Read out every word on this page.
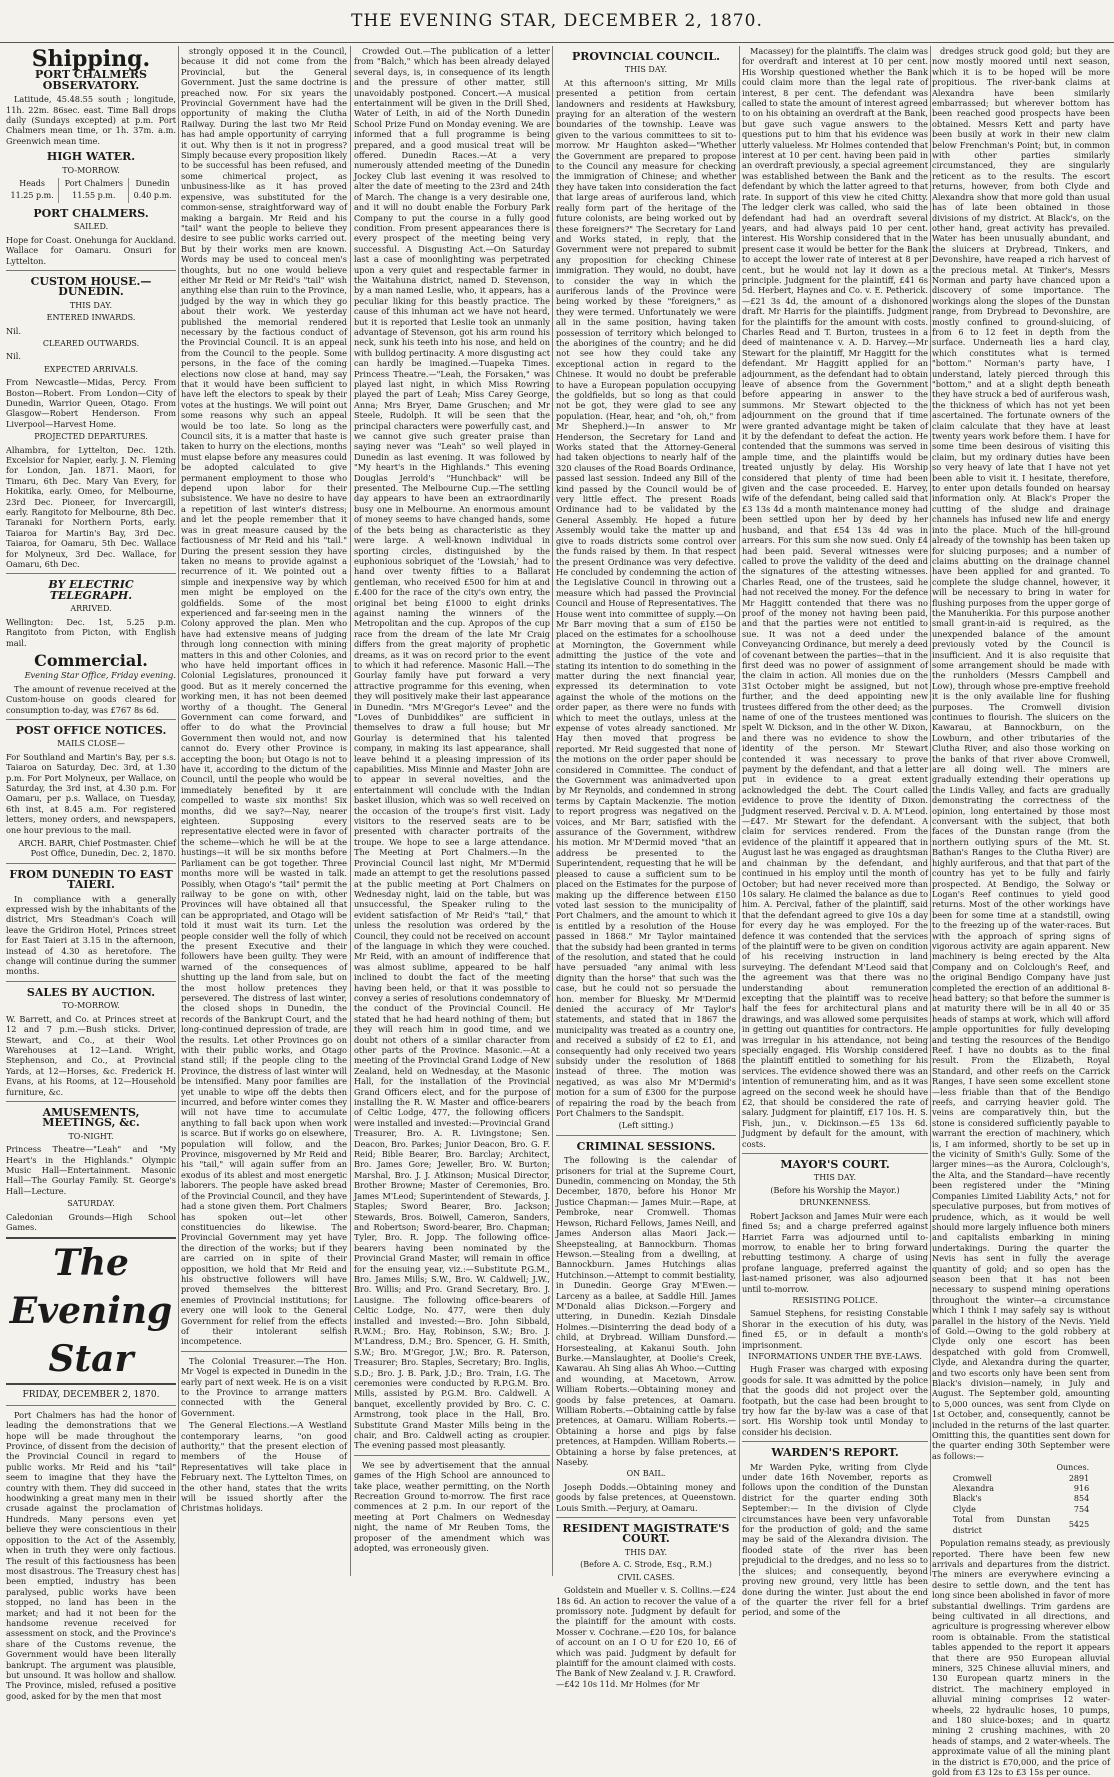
THE EVENING STAR, DECEMBER 2, 1870.
Shipping.
PORT CHALMERS OBSERVATORY.
Latitude, 45.48.55 south ; longitude, 11h. 22m. 86sec. east. Time Ball drops daily (Sundays excepted) at p.m. Port Chalmers mean time, or 1h. 37m. a.m. Greenwich mean time.
HIGH WATER.
TO-MORROW.
Heads	Port Chalmers	Dunedin
11.25 p.m.	11.55 p.m.	0.40 p.m.
PORT CHALMERS.
SAILED.
Hope for Coast. Onehunga for Auckland. Wallace for Oamaru. Onsuri for Lyttelton.
CUSTOM HOUSE.—DUNEDIN.
THIS DAY.
ENTERED INWARDS.
Nil.
CLEARED OUTWARDS.
Nil.
EXPECTED ARRIVALS.
From Newcastle—Midas, Percy. From Boston—Robert. From London—City of Dunedin, Warrior Queen, Otago. From Glasgow—Robert Henderson. From Liverpool—Harvest Home.
PROJECTED DEPARTURES.
Alhambra, for Lyttelton, Dec. 12th. Excelsior for Napier, early. J. N. Fleming for London, Jan. 1871. Maori, for Timaru, 6th Dec. Mary Van Every, for Hokitika, early. Omeo, for Melbourne, 23rd Dec. Pioneer, for Invercargill, early. Rangitoto for Melbourne, 8th Dec. Taranaki for Northern Ports, early. Taiaroa for Martin's Bay, 3rd Dec. Taiaroa, for Oamaru, 5th Dec. Wallace for Molyneux, 3rd Dec. Wallace, for Oamaru, 6th Dec.
BY ELECTRIC TELEGRAPH.
ARRIVED.
Wellington: Dec. 1st, 5.25 p.m. Rangitoto from Picton, with English mail.
Commercial.
Evening Star Office, Friday evening.
The amount of revenue received at the Custom-house on goods cleared for consumption to-day, was £767 8s 6d.
POST OFFICE NOTICES.
MAILS CLOSE—
For Southland and Martin's Bay, per s.s. Taiaroa on Saturday, Dec. 3rd, at 1.30 p.m. For Port Molyneux, per Wallace, on Saturday, the 3rd inst, at 4.30 p.m. For Oamaru, per p.s. Wallace, on Tuesday, 6th inst, at 8.45 a.m. For registered letters, money orders, and newspapers, one hour previous to the mail.
ARCH. BARR, Chief Postmaster. Chief Post Office, Dunedin, Dec. 2, 1870.
FROM DUNEDIN TO EAST TAIERI.
In compliance with a generally expressed wish by the inhabitants of the district, Mrs Steadman's Coach will leave the Gridiron Hotel, Princes street for East Taieri at 3.15 in the afternoon, instead of 4.30 as heretofore. The change will continue during the summer months.
SALES BY AUCTION.
TO-MORROW.
W. Barrett, and Co. at Princes street at 12 and 7 p.m.—Bush sticks. Driver, Stewart, and Co., at their Wool Warehouses at 12—Land. Wright, Stephenson, and Co., at Provincial Yards, at 12—Horses, &c. Frederick H. Evans, at his Rooms, at 12—Household furniture, &c.
AMUSEMENTS, MEETINGS, &c.
TO-NIGHT.
Princess Theatre—"Leah" and "My Heart's in the Highlands." Olympic Music Hall—Entertainment. Masonic Hall—The Gourlay Family. St. George's Hall—Lecture.
SATURDAY.
Caledonian Grounds—High School Games.
The Evening Star
FRIDAY, DECEMBER 2, 1870.
Port Chalmers has had the honor of leading the demonstrations that we hope will be made throughout the Province, of dissent from the decision of the Provincial Council in regard to public works. Mr Reid and his "tail" seem to imagine that they have the country with them. They did succeed in hoodwinking a great many men in their crusade against the proclamation of Hundreds. Many persons even yet believe they were conscientious in their opposition to the Act of the Assembly, when in truth they were only factious. The result of this factiousness has been most disastrous. The Treasury chest has been emptied, industry has been paralysed, public works have been stopped, no land has been in the market; and had it not been for the handsome revenue received for assessment on stock, and the Province's share of the Customs revenue, the Government would have been literally bankrupt. The argument was plausible, but unsound. It was hollow and shallow. The Province, misled, refused a positive good, asked for by the men that most
strongly opposed it in the Council, because it did not come from the Provincial, but the General Government. Just the same doctrine is preached now. For six years the Provincial Government have had the opportunity of making the Clutha Railway. During the last two Mr Reid has had ample opportunity of carrying it out. Why then is it not in progress? Simply because every proposition likely to be successful has been refused, and some chimerical project, as unbusiness-like as it has proved expensive, was substituted for the common-sense, straightforward way of making a bargain. Mr Reid and his "tail" want the people to believe they desire to see public works carried out. But by their works men are known. Words may be used to conceal men's thoughts, but no one would believe either Mr Reid or Mr Reid's "tail" wish anything else than ruin to the Province, judged by the way in which they go about their work. We yesterday published the memorial rendered necessary by the factious conduct of the Provincial Council. It is an appeal from the Council to the people. Some persons, in the face of the coming elections now close at hand, may say that it would have been sufficient to have left the electors to speak by their votes at the hustings. We will point out some reasons why such an appeal would be too late. So long as the Council sits, it is a matter that haste is taken to hurry on the elections, months must elapse before any measures could be adopted calculated to give permanent employment to those who depend upon labor for their subsistence. We have no desire to have a repetition of last winter's distress; and let the people remember that it was in great measure caused by the factiousness of Mr Reid and his "tail." During the present session they have taken no means to provide against a recurrence of it. We pointed out a simple and inexpensive way by which men might be employed on the goldfields. Some of the most experienced and far-seeing men in the Colony approved the plan. Men who have had extensive means of judging through long connection with mining matters in this and other Colonies, and who have held important offices in Colonial Legislatures, pronounced it good. But as it merely concerned the working men, it has not been deemed worthy of a thought. The General Government can come forward, and offer to do what the Provincial Government then would not, and now cannot do. Every other Province is accepting the boon; but Otago is not to have it, according to the dictum of the Council, until the people who would be immediately benefited by it are compelled to waste six months! Six months, did we say?—Nay, nearer eighteen. Supposing every representative elected were in favor of the scheme—which he will be at the hustings—it will be six months before Parliament can be got together. Three months more will be wasted in talk. Possibly, when Otago's "tail" permit the railway to be gone on with, other Provinces will have obtained all that can be appropriated, and Otago will be told it must wait its turn. Let the people consider well the folly of which the present Executive and their followers have been guilty. They were warned of the consequences of shutting up the land from sale, but on the most hollow pretences they persevered. The distress of last winter, the closed shops in Dunedin, the records of the Bankrupt Court, and the long-continued depression of trade, are the results. Let other Provinces go on with their public works, and Otago stand still; if the people cling to the Province, the distress of last winter will be intensified. Many poor families are yet unable to wipe off the debts then incurred, and before winter comes they will not have time to accumulate anything to fall back upon when work is scarce. But if works go on elsewhere, population will follow, and the Province, misgoverned by Mr Reid and his "tail," will again suffer from an exodus of its ablest and most energetic laborers. The people have asked bread of the Provincial Council, and they have had a stone given them. Port Chalmers has spoken out—let other constituencies do likewise. The Provincial Government may yet have the direction of the works; but if they are carried on in spite of their opposition, we hold that Mr Reid and his obstructive followers will have proved themselves the bitterest enemies of Provincial institutions; for every one will look to the General Government for relief from the effects of their intolerant selfish incompetence.
The Colonial Treasurer.—The Hon. Mr Vogel is expected in Dunedin in the early part of next week. He is on a visit to the Province to arrange matters connected with the General Government.
The General Elections.—A Westland contemporary learns, "on good authority," that the present election of members of the House of Representatives will take place in February next. The Lyttelton Times, on the other hand, states that the writs will be issued shortly after the Christmas holidays.
Crowded Out.—The publication of a letter from "Balch," which has been already delayed several days, is, in consequence of its length and the pressure of other matter, still unavoidably postponed. Concert.—A musical entertainment will be given in the Drill Shed, Water of Leith, in aid of the North Dunedin School Prize Fund on Monday evening. We are informed that a full programme is being prepared, and a good musical treat will be offered. Dunedin Races.—At a very numerously attended meeting of the Dunedin Jockey Club last evening it was resolved to alter the date of meeting to the 23rd and 24th of March. The change is a very desirable one, and it will no doubt enable the Forbury Park Company to put the course in a fully good condition. From present appearances there is every prospect of the meeting being very successful. A Disgusting Act.—On Saturday last a case of moonlighting was perpetrated upon a very quiet and respectable farmer in the Waitahuna district, named D. Stevenson, by a man named Leslie, who, it appears, has a peculiar liking for this beastly practice. The cause of this inhuman act we have not heard, but it is reported that Leslie took an unmanly advantage of Stevenson, got his arm round his neck, sunk his teeth into his nose, and held on with bulldog pertinacity. A more disgusting act can hardly be imagined.—Tuapeka Times. Princess Theatre.—"Leah, the Forsaken," was played last night, in which Miss Rowring played the part of Leah; Miss Carey George, Anna; Mrs Bryer, Dame Gruschen; and Mr Steele, Rudolph. It will be seen that the principal characters were powerfully cast, and we cannot give such greater praise than saying never was "Leah" so well played in Dunedin as last evening. It was followed by "My heart's in the Highlands." This evening Douglas Jerrold's "Hunchback" will be presented. The Melbourne Cup.—The settling day appears to have been an extraordinarily busy one in Melbourne. An enormous amount of money seems to have changed hands, some of the bets being as characteristic as they were large. A well-known individual in sporting circles, distinguished by the euphonious sobriquet of the 'Lowsiah,' had to hand over twenty fifties to a Ballarat gentleman, who received £500 for him at and £.400 for the race of the city's own entry, the original bet being £1000 to eight drinks against naming the winners of the Metropolitan and the cup. Apropos of the cup race from the dream of the late Mr Craig differs from the great majority of prophetic dreams, as it was on record prior to the event to which it had reference. Masonic Hall.—The Gourlay family have put forward a very attractive programme for this evening, when they will positively make their last appearance in Dunedin. "Mrs M'Gregor's Levee" and the "Loves of Dunbiddikes" are sufficient in themselves to draw a full house; but Mr Gourlay is determined that his talented company, in making its last appearance, shall leave behind it a pleasing impression of its capabilities. Miss Minnie and Master John are to appear in several novelties, and the entertainment will conclude with the Indian basket illusion, which was so well received on the occasion of the troupe's first visit. Lady visitors to the reserved seats are to be presented with character portraits of the troupe. We hope to see a large attendance. The Meeting at Port Chalmers.—In the Provincial Council last night, Mr M'Dermid made an attempt to get the resolutions passed at the public meeting at Port Chalmers on Wednesday night, laid on the table, but was unsuccessful, the Speaker ruling to the evident satisfaction of Mr Reid's "tail," that unless the resolution was ordered by the Council, they could not be received on account of the language in which they were couched. Mr Reid, with an amount of indifference that was almost sublime, appeared to be half inclined to doubt the fact of the meeting having been held, or that it was possible to convey a series of resolutions condemnatory of the conduct of the Provincial Council. He stated that he had heard nothing of them; but they will reach him in good time, and we doubt not others of a similar character from other parts of the Province. Masonic.—At a meeting of the Provincial Grand Lodge of New Zealand, held on Wednesday, at the Masonic Hall, for the installation of the Provincial Grand Officers elect, and for the purpose of installing the R. W. Master and office-bearers of Celtic Lodge, 477, the following officers were installed and invested:—Provincial Grand Treasurer, Bro. A. R. Livingstone; Sen. Deacon, Bro. Parkes; Junior Deacon, Bro. G. F. Reid; Bible Bearer, Bro. Barclay; Architect, Bro. James Gore; Jeweller, Bro. W. Burton; Marshal, Bro. J. J. Atkinson; Musical Director, Brother Browne; Master of Ceremonies, Bro. James M'Leod; Superintendent of Stewards, J. Staples; Sword Bearer, Bro. Jackson; Stewards, Bros. Boiwell, Cameron, Sanders, and Robertson; Sword-bearer, Bro. Chapman; Tyler, Bro. R. Jopp. The following office-bearers having been nominated by the Provincial Grand Master, will remain in office for the ensuing year, viz.:—Substitute P.G.M., Bro. James Mills; S.W., Bro. W. Caldwell; J.W., Bro. Willis; and Pro. Grand Secretary, Bro. J. Lausigne. The following office-bearers of Celtic Lodge, No. 477, were then duly installed and invested:—Bro. John Sibbald, R.W.M.; Bro. Hay, Robinson, S.W.; Bro. J. M'Landress, D.M.; Bro. Spencer, G. H. Smith, S.W.; Bro. M'Gregor, J.W.; Bro. R. Paterson, Treasurer; Bro. Staples, Secretary; Bro. Inglis, S.D.; Bro. J. B. Park, J.D.; Bro. Train, I.G. The ceremonies were conducted by R.P.G.M. Bro. Mills, assisted by P.G.M. Bro. Caldwell. A banquet, excellently provided by Bro. C. C. Armstrong, took place in the Hall, Bro. Substitute Grand Master Mills being in the chair, and Bro. Caldwell acting as croupier. The evening passed most pleasantly.
We see by advertisement that the annual games of the High School are announced to take place, weather permitting, on the North Recreation Ground to-morrow. The first race commences at 2 p.m. In our report of the meeting at Port Chalmers on Wednesday night, the name of Mr Reuben Toms, the proposer of the amendment which was adopted, was erroneously given.
PROVINCIAL COUNCIL.
THIS DAY.
At this afternoon's sitting, Mr Mills presented a petition from certain landowners and residents at Hawksbury, praying for an alteration of the western boundaries of the township. Leave was given to the various committees to sit to-morrow. Mr Haughton asked—"Whether the Government are prepared to propose to the Council any measure for checking the immigration of Chinese; and whether they have taken into consideration the fact that large areas of auriferous land, which really form part of the heritage of the future colonists, are being worked out by these foreigners?" The Secretary for Land and Works stated, in reply, that the Government were not prepared to submit any proposition for checking Chinese immigration. They would, no doubt, have to consider the way in which the auriferous lands of the Province were being worked by these "foreigners," as they were termed. Unfortunately we were all in the same position, having taken possession of territory which belonged to the aborigines of the country; and he did not see how they could take any exceptional action in regard to the Chinese. It would no doubt be preferable to have a European population occupying the goldfields, but so long as that could not be got, they were glad to see any population. (Hear, hear, and "oh, oh," from Mr Shepherd.)—In answer to Mr Henderson, the Secretary for Land and Works stated that the Attorney-General had taken objections to nearly half of the 320 clauses of the Road Boards Ordinance, passed last session. Indeed any Bill of the kind passed by the Council would be of very little effect. The present Roads Ordinance had to be validated by the General Assembly. He hoped a future Assembly would take the matter up and give to roads districts some control over the funds raised by them. In that respect the present Ordinance was very defective. He concluded by condemning the action of the Legislative Council in throwing out a measure which had passed the Provincial Council and House of Representatives. The House went into committee of supply.—On Mr Barr moving that a sum of £150 be placed on the estimates for a schoolhouse at Mornington, the Government while admitting the justice of the vote and stating its intention to do something in the matter during the next financial year, expressed its determination to vote against the whole of the motions on the order paper, as there were no funds with which to meet the outlays, unless at the expense of votes already sanctioned. Mr Hay then moved that progress be reported. Mr Reid suggested that none of the motions on the order paper should be considered in Committee. The conduct of the Government was animadverted upon by Mr Reynolds, and condemned in strong terms by Captain Mackenzie. The motion to report progress was negatived on the voices, and Mr Barr, satisfied with the assurance of the Government, withdrew his motion. Mr M'Dermid moved "that an address be presented to the Superintendent, requesting that he will be pleased to cause a sufficient sum to be placed on the Estimates for the purpose of making up the difference between £150 voted last session to the municipality of Port Chalmers, and the amount to which it is entitled by a resolution of the House passed in 1868." Mr Taylor maintained that the subsidy had been granted in terms of the resolution, and stated that he could have persuaded "any animal with less dignity than the horse" that such was the case, but he could not so persuade the hon. member for Bluesky. Mr M'Dermid denied the accuracy of Mr Taylor's statements, and stated that in 1867 the municipality was treated as a country one, and received a subsidy of £2 to £1, and consequently had only received two years subsidy under the resolution of 1868 instead of three. The motion was negatived, as was also Mr M'Dermid's motion for a sum of £300 for the purpose of repairing the road by the beach from Port Chalmers to the Sandspit.
(Left sitting.)
CRIMINAL SESSIONS.
The following is the calendar of prisoners for trial at the Supreme Court, Dunedin, commencing on Monday, the 5th December, 1870, before his Honor Mr Justice Chapman:— James Muir.—Rape, at Pembroke, near Cromwell. Thomas Hewson, Richard Fellows, James Neill, and James Anderson alias Maori Jack.—Sheepstealing, at Bannockburn. Thomas Hewson.—Stealing from a dwelling, at Bannockburn. James Hutchings alias Hutchinson.—Attempt to commit bestiality, in Dunedin. George Gray M'Ewen.—Larceny as a bailee, at Saddle Hill. James M'Donald alias Dickson.—Forgery and uttering, in Dunedin. Keziah Dinsdale Holmes.—Disinterring the dead body of a child, at Drybread. William Dunsford.—Horsestealing, at Kakanui South. John Burke.—Manslaughter, at Doolie's Creek, Kawarau. Ah Sing alias Ah Whoo.—Cutting and wounding, at Macetown, Arrow. William Roberts.—Obtaining money and goods by false pretences, at Oamaru. William Roberts.—Obtaining cattle by false pretences, at Oamaru. William Roberts.—Obtaining a horse and pigs by false pretences, at Hampden. William Roberts.—Obtaining a horse by false pretences, at Naseby.
ON BAIL.
Joseph Dodds.—Obtaining money and goods by false pretences, at Queenstown. Louis Smith.—Perjury, at Oamaru.
RESIDENT MAGISTRATE'S COURT.
THIS DAY.
(Before A. C. Strode, Esq., R.M.)
CIVIL CASES.
Goldstein and Mueller v. S. Collins.—£24 18s 6d. An action to recover the value of a promissory note. Judgment by default for the plaintiff for the amount with costs. Mosser v. Cochrane.—£20 10s, for balance of account on an I O U for £20 10, £6 of which was paid. Judgment by default for plaintiff for the amount claimed with costs. The Bank of New Zealand v. J. R. Crawford.—£42 10s 11d. Mr Holmes (for Mr
Macassey) for the plaintiffs. The claim was for overdraft and interest at 10 per cent. His Worship questioned whether the Bank could claim more than the legal rate of interest, 8 per cent. The defendant was called to state the amount of interest agreed to on his obtaining an overdraft at the Bank, but gave such vague answers to the questions put to him that his evidence was utterly valueless. Mr Holmes contended that interest at 10 per cent. having been paid in an overdraft previously, a special agreement was established between the Bank and the defendant by which the latter agreed to that rate. In support of this view he cited Chitty. The ledger clerk was called, who said the defendant had had an overdraft several years, and had always paid 10 per cent. interest. His Worship considered that in the present case it would be better for the Bank to accept the lower rate of interest at 8 per cent., but he would not lay it down as a principle. Judgment for the plaintiff, £41 6s 5d. Herbert, Haynes and Co. v. E. Petherick.—£21 3s 4d, the amount of a dishonored draft. Mr Harris for the plaintiffs. Judgment for the plaintiffs for the amount with costs. Charles Read and T. Burton, trustees in a deed of maintenance v. A. D. Harvey.—Mr Stewart for the plaintiff, Mr Haggitt for the defendant. Mr Haggitt applied for an adjournment, as the defendant had to obtain leave of absence from the Government before appearing in answer to the summons. Mr Stewart objected to the adjournment on the ground that if time were granted advantage might be taken of it by the defendant to defeat the action. He contended that the summons was served in ample time, and the plaintiffs would be treated unjustly by delay. His Worship considered that plenty of time had been given and the case proceeded. E. Harvey, wife of the defendant, being called said that £3 13s 4d a month maintenance money had been settled upon her by deed by her husband, and that £54 13s 4d was in arrears. For this sum she now sued. Only £4 had been paid. Several witnesses were called to prove the validity of the deed and the signatures of the attesting witnesses. Charles Read, one of the trustees, said he had not received the money. For the defence Mr Haggitt contended that there was no proof of the money not having been paid, and that the parties were not entitled to sue. It was not a deed under the Conveyancing Ordinance, but merely a deed of covenant between the parties—that in the first deed was no power of assignment of the claim in action. All monies due on the 31st October might be assigned, but not further, and the deed appointing new trustees differed from the other deed; as the name of one of the trustees mentioned was spelt W. Dickson, and in the other W. Dixon, and there was no evidence to show the identity of the person. Mr Stewart contended it was necessary to prove payment by the defendant, and that a letter put in evidence to a great extent acknowledged the debt. The Court called evidence to prove the identity of Dixon. Judgment reserved. Percival v. D. A. M'Leod.—£47. Mr Stewart for the defendant. A claim for services rendered. From the evidence of the plaintiff it appeared that in August last he was engaged as draughtsman and chainman by the defendant, and continued in his employ until the month of October; but had never received more than 10s salary. He claimed the balance as due to him. A. Percival, father of the plaintiff, said that the defendant agreed to give 10s a day for every day he was employed. For the defence it was contended that the services of the plaintiff were to be given on condition of his receiving instruction in land surveying. The defendant M'Leod said that the agreement was that there was no understanding about remuneration excepting that the plaintiff was to receive half the fees for architectural plans and drawings, and was allowed some perquisites in getting out quantities for contractors. He was irregular in his attendance, not being specially engaged. His Worship considered the plaintiff entitled to something for his services. The evidence showed there was an intention of remunerating him, and as it was agreed on the second week he should have £2, that should be considered the rate of salary. Judgment for plaintiff, £17 10s. H. S. Fish, jun., v. Dickinson.—£5 13s 6d. Judgment by default for the amount, with costs.
MAYOR'S COURT.
THIS DAY.
(Before his Worship the Mayor.)
DRUNKENNESS.
Robert Jackson and James Muir were each fined 5s; and a charge preferred against Harriet Farra was adjourned until to-morrow, to enable her to bring forward rebutting testimony. A charge of using profane language, preferred against the last-named prisoner, was also adjourned until to-morrow.
RESISTING POLICE.
Samuel Stephens, for resisting Constable Shorar in the execution of his duty, was fined £5, or in default a month's imprisonment.
INFORMATIONS UNDER THE BYE-LAWS.
Hugh Fraser was charged with exposing goods for sale. It was admitted by the police that the goods did not project over the footpath, but the case had been brought to try how far the by-law was a case of that sort. His Worship took until Monday to consider his decision.
WARDEN'S REPORT.
Mr Warden Pyke, writing from Clyde under date 16th November, reports as follows upon the condition of the Dunstan district for the quarter ending 30th September:— In the division of Clyde circumstances have been very unfavorable for the production of gold; and the same may be said of the Alexandra division. The flooded state of the river has been prejudicial to the dredges, and no less so to the sluices; and consequently, beyond proving new ground, very little has been done during the winter. Just about the end of the quarter the river fell for a brief period, and some of the
dredges struck good gold; but they are now mostly moored until next season, which it is to be hoped will be more propitious. The river-bank claims at Alexandra have been similarly embarrassed; but wherever bottom has been reached good prospects have been obtained. Messrs Kett and party have been busily at work in their new claim below Frenchman's Point; but, in common with other parties similarly circumstanced, they are singularly reticent as to the results. The escort returns, however, from both Clyde and Alexandra show that more gold than usual has of late been obtained in those divisions of my district. At Black's, on the other hand, great activity has prevailed. Water has been unusually abundant, and the sluicers at Drybread, Tinkers, and Devonshire, have reaped a rich harvest of the precious metal. At Tinker's, Messrs Norman and party have chanced upon a discovery of some importance. The workings along the slopes of the Dunstan range, from Drybread to Devonshire, are mostly confined to ground-sluicing, of from 6 to 12 feet in depth from the surface. Underneath lies a hard clay, which constitutes what is termed "bottom." Norman's party have, I understand, lately pierced through this "bottom," and at a slight depth beneath they have struck a bed of auriferous wash, the thickness of which has not yet been ascertained. The fortunate owners of the claim calculate that they have at least twenty years work before them. I have for some time been desirous of visiting this claim, but my ordinary duties have been so very heavy of late that I have not yet been able to visit it. I hesitate, therefore, to enter upon details founded on hearsay information only. At Black's Proper the cutting of the sludge and drainage channels has infused new life and energy into the place. Much of the hill-ground already of the township has been taken up for sluicing purposes; and a number of claims abutting on the drainage channel have been applied for and granted. To complete the sludge channel, however, it will be necessary to bring in water for flushing purposes from the upper gorge of the Manuherikia. For this purpose another small grant-in-aid is required, as the unexpended balance of the amount previously voted by the Council is insufficient. And it is also requisite that some arrangement should be made with the runholders (Messrs Campbell and Low), through whose pre-emptive freehold it is the only available line for flushing purposes. The Cromwell division continues to flourish. The sluicers on the Kawarau, at Bannockburn, on the Lowburn, and other tributaries of the Clutha River, and also those working on the banks of that river above Cromwell, are all doing well. The miners are gradually extending their operations up the Lindis Valley, and facts are gradually demonstrating the correctness of the opinion, long entertained by those most conversant with the subject, that both faces of the Dunstan range (from the northern outlying spurs of the Mt. St. Bathan's Ranges to the Clutha River) are highly auriferous, and that that part of the country has yet to be fully and fairly prospected. At Bendigo, the Solway or Logan's Reef continues to yield good returns. Most of the other workings have been for some time at a standstill, owing to the freezing up of the water-races. But with the approach of spring signs of vigorous activity are again apparent. New machinery is being erected by the Alta Company and on Colclough's Reef, and the original Bendigo Company have just completed the erection of an additional 8-head battery; so that before the summer is at maturity there will be in all 40 or 35 heads of stamps at work, which will afford ample opportunities for fully developing and testing the resources of the Bendigo Reef. I have no doubts as to the final result. From the Elizabeth, Royal Standard, and other reefs on the Carrick Ranges, I have seen some excellent stone—less friable than that of the Bendigo reefs, and carrying heavier gold. The veins are comparatively thin, but the stone is considered sufficiently payable to warrant the erection of machinery, which is, I am informed, shortly to be set up in the vicinity of Smith's Gully. Some of the larger mines—as the Aurora, Colclough's, the Alta, and the Standard—have recently been registered under the "Mining Companies Limited Liability Acts," not for speculative purposes, but from motives of prudence, which, as it would be well should more largely influence both miners and capitalists embarking in mining undertakings. During the quarter the Nevis has sent in fully the average quantity of gold; and so open has the season been that it has not been necessary to suspend mining operations throughout the winter—a circumstance which I think I may safely say is without parallel in the history of the Nevis. Yield of Gold.—Owing to the gold robbery at Clyde only one escort has been despatched with gold from Cromwell, Clyde, and Alexandra during the quarter, and two escorts only have been sent from Black's division—namely, in July and August. The September gold, amounting to 5,000 ounces, was sent from Clyde on 1st October, and, consequently, cannot be included in the returns of the last quarter. Omitting this, the quantities sent down for the quarter ending 30th September were as follows:—
	Ounces.
Cromwell	2891
Alexandra	916
Black's	854
Clyde	754
Total from Dunstan district	5425
Population remains steady, as previously reported. There have been few new arrivals and departures from the district. The miners are everywhere evincing a desire to settle down, and the tent has long since been abolished in favor of more substantial dwellings. Trim gardens are being cultivated in all directions, and agriculture is progressing wherever elbow room is obtainable. From the statistical tables appended to the report it appears that there are 950 European alluvial miners, 325 Chinese alluvial miners, and 130 European quartz miners in the district. The machinery employed in alluvial mining comprises 12 water-wheels, 22 hydraulic hoses, 10 pumps, and 180 sluice-boxes; and in quartz mining 2 crushing machines, with 20 heads of stamps, and 2 water-wheels. The approximate value of all the mining plant in the district is £70,000, and the price of gold from £3 12s to £3 15s per ounce.
